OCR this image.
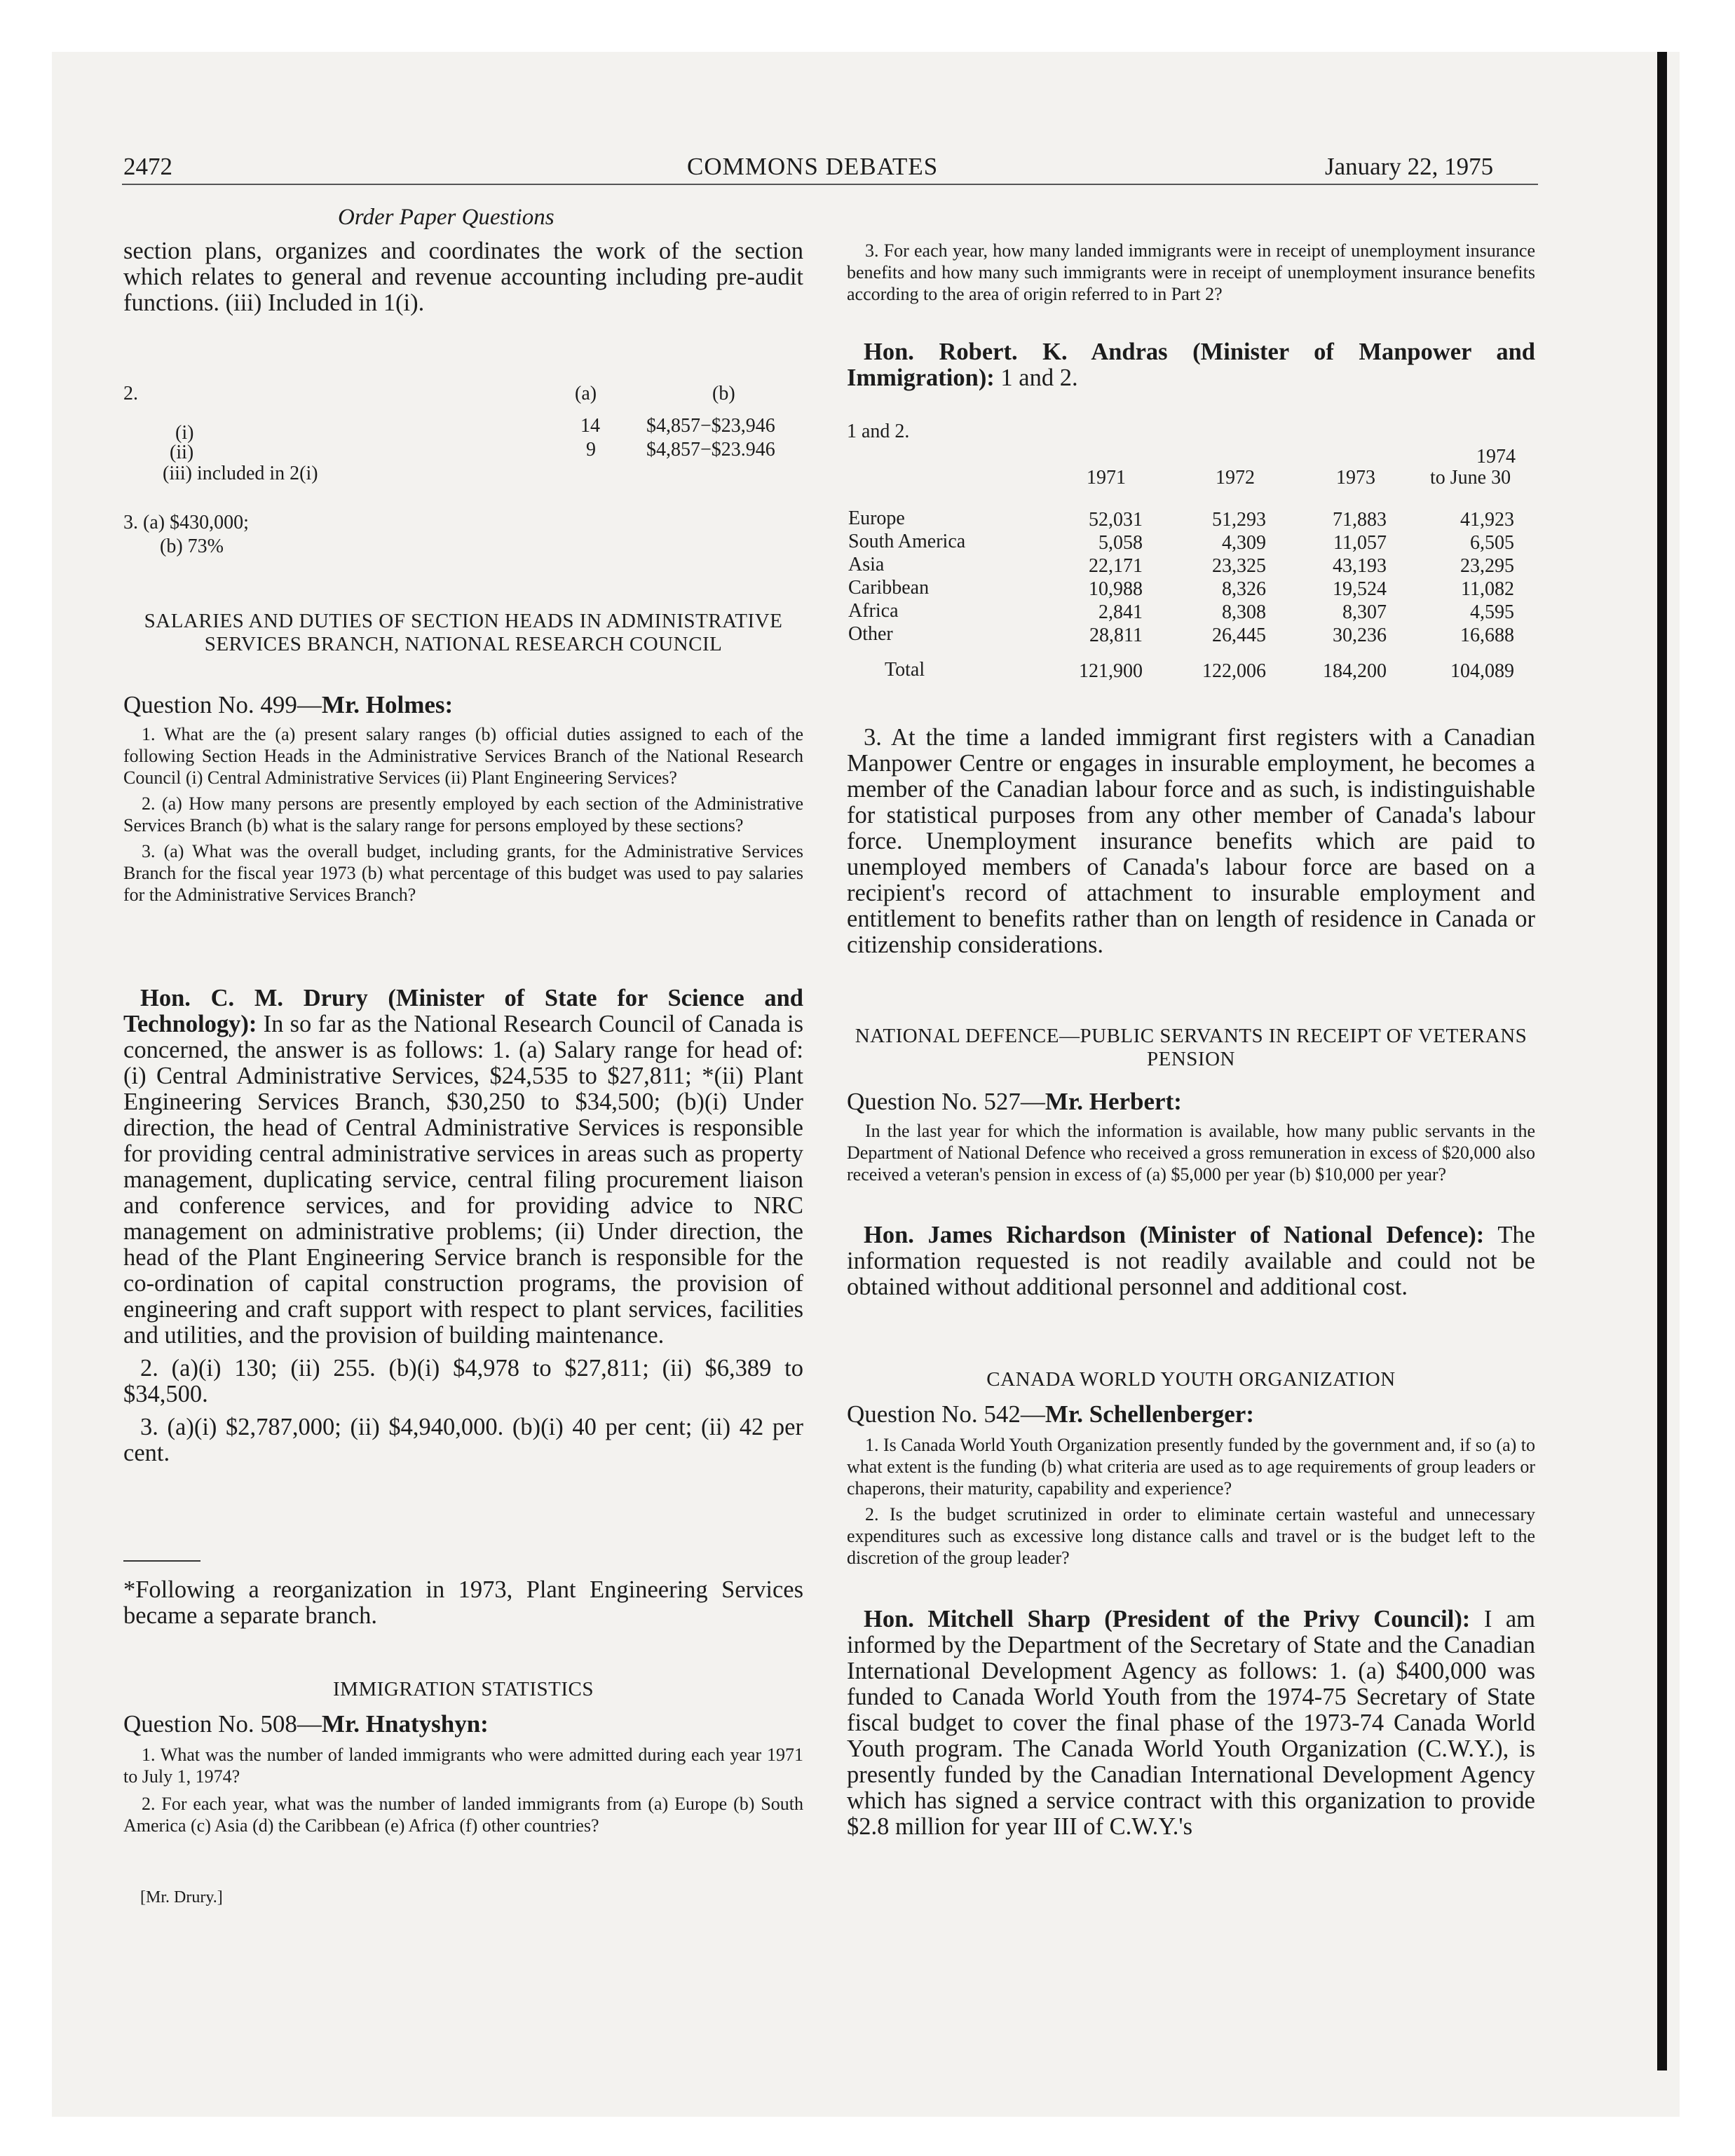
2472	COMMONS DEBATES	January 22, 1975
Order Paper Questions

section plans, organizes and coordinates the work of the section which relates to general and revenue accounting including pre-audit functions. (iii) Included in 1(i).

2.	(a)	(b)
(i)	14 $4,857−$23,946
(ii)	9	$4,857−$23.946
(iii) included in 2(i)
3. (a) $430,000;
(b) 73%
SALARIES AND DUTIES OF SECTION HEADS IN ADMINISTRATIVE SERVICES BRANCH, NATIONAL RESEARCH COUNCIL
Question No. 499—Mr. Holmes:

1. What are the (a) present salary ranges (b) official duties assigned to each of the following Section Heads in the Administrative Services Branch of the National Research Council (i) Central Administrative Services (ii) Plant Engineering Services?

2. (a) How many persons are presently employed by each section of the Administrative Services Branch (b) what is the salary range for persons employed by these sections?

3. (a) What was the overall budget, including grants, for the Administrative Services Branch for the fiscal year 1973 (b) what percentage of this budget was used to pay salaries for the Administrative Services Branch?

Hon. C. M. Drury (Minister of State for Science and Technology): In so far as the National Research Council of Canada is concerned, the answer is as follows: 1. (a) Salary range for head of: (i) Central Administrative Services, $24,535 to $27,811; *(ii) Plant Engineering Services Branch, $30,250 to $34,500; (b)(i) Under direction, the head of Central Administrative Services is responsible for providing central administrative services in areas such as property management, duplicating service, central filing procurement liaison and conference services, and for providing advice to NRC management on administrative problems; (ii) Under direction, the head of the Plant Engineering Service branch is responsible for the co-ordination of capital construction programs, the provision of engineering and craft support with respect to plant services, facilities and utilities, and the provision of building maintenance.

2. (a)(i) 130; (ii) 255. (b)(i) $4,978 to $27,811; (ii) $6,389 to $34,500.

3. (a)(i) $2,787,000; (ii) $4,940,000. (b)(i) 40 per cent; (ii) 42 per cent.

*Following a reorganization in 1973, Plant Engineering Services became a separate branch.

IMMIGRATION STATISTICS
Question No. 508—Mr. Hnatyshyn:

1. What was the number of landed immigrants who were admitted during each year 1971 to July 1, 1974?

2. For each year, what was the number of landed immigrants from (a) Europe (b) South America (c) Asia (d) the Caribbean (e) Africa (f) other countries?

[Mr. Drury.]

3. For each year, how many landed immigrants were in receipt of unemployment insurance benefits and how many such immigrants were in receipt of unemployment insurance benefits according to the area of origin referred to in Part 2?

Hon. Robert. K. Andras (Minister of Manpower and Immigration): 1 and 2.

1 and 2.
1971	1972	1973
1974
to June 30
Europe	52,031	51,293	71,883	41,923
South America	5,058	4,309	11,057	6,505
Asia	22,171	23,325	43,193	23,295
Caribbean	10,988	8,326	19,524	11,082
Africa	2,841	8,308	8,307	4,595
Other	28,811	26,445	30,236	16,688
Total	121,900	122,006	184,200	104,089

3. At the time a landed immigrant first registers with a Canadian Manpower Centre or engages in insurable employment, he becomes a member of the Canadian labour force and as such, is indistinguishable for statistical purposes from any other member of Canada's labour force. Unemployment insurance benefits which are paid to unemployed members of Canada's labour force are based on a recipient's record of attachment to insurable employment and entitlement to benefits rather than on length of residence in Canada or citizenship considerations.

NATIONAL DEFENCE—PUBLIC SERVANTS IN RECEIPT OF VETERANS PENSION
Question No. 527—Mr. Herbert:

In the last year for which the information is available, how many public servants in the Department of National Defence who received a gross remuneration in excess of $20,000 also received a veteran's pension in excess of (a) $5,000 per year (b) $10,000 per year?

Hon. James Richardson (Minister of National Defence): The information requested is not readily available and could not be obtained without additional personnel and additional cost.

CANADA WORLD YOUTH ORGANIZATION
Question No. 542—Mr. Schellenberger:

1. Is Canada World Youth Organization presently funded by the government and, if so (a) to what extent is the funding (b) what criteria are used as to age requirements of group leaders or chaperons, their maturity, capability and experience?

2. Is the budget scrutinized in order to eliminate certain wasteful and unnecessary expenditures such as excessive long distance calls and travel or is the budget left to the discretion of the group leader?

Hon. Mitchell Sharp (President of the Privy Council): I am informed by the Department of the Secretary of State and the Canadian International Development Agency as follows: 1. (a) $400,000 was funded to Canada World Youth from the 1974-75 Secretary of State fiscal budget to cover the final phase of the 1973-74 Canada World Youth program. The Canada World Youth Organization (C.W.Y.), is presently funded by the Canadian International Development Agency which has signed a service contract with this organization to provide $2.8 million for year III of C.W.Y.'s
